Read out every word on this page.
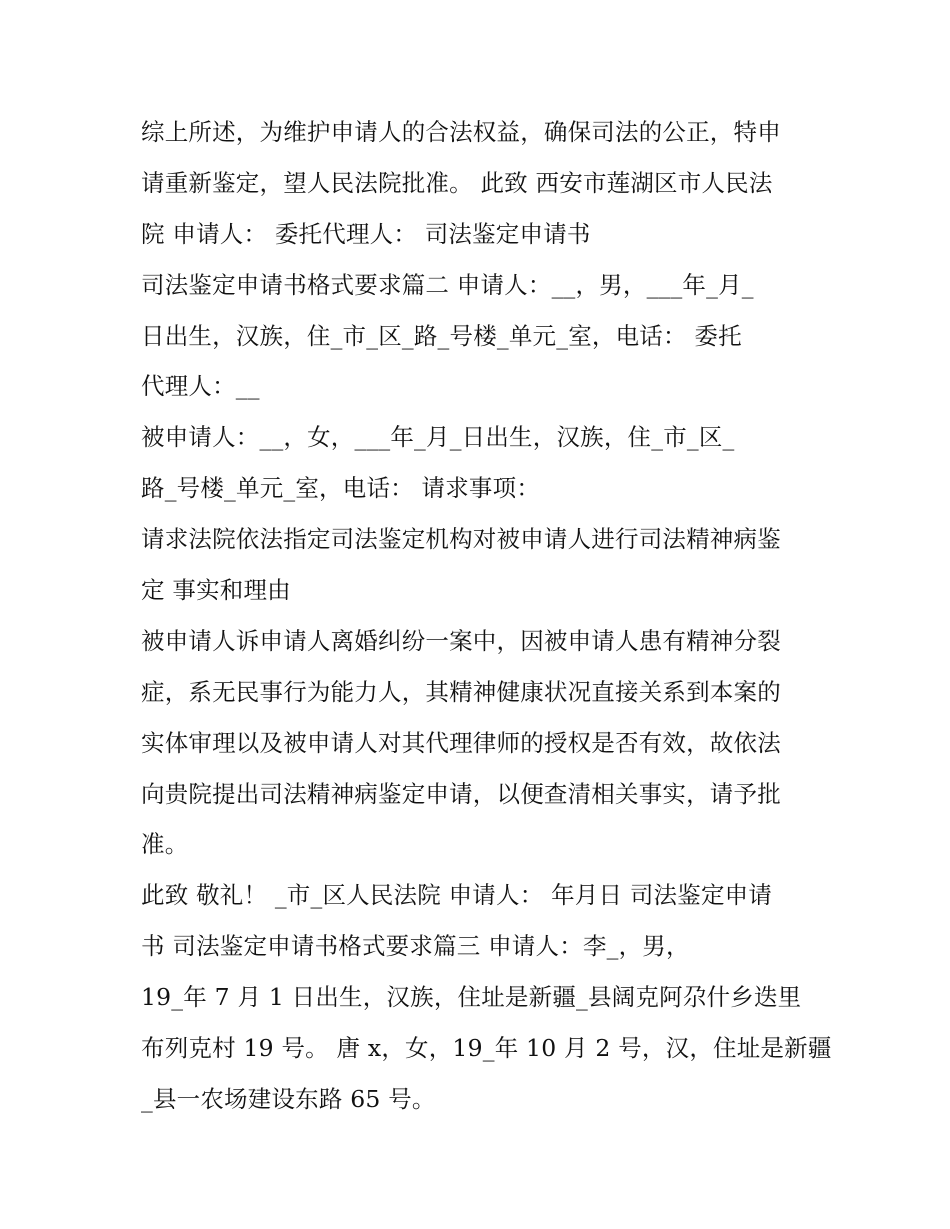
综上所述，为维护申请人的合法权益，确保司法的公正，特申
请重新鉴定，望人民法院批准。 此致 西安市莲湖区市人民法
院 申请人： 委托代理人： 司法鉴定申请书
司法鉴定申请书格式要求篇二 申请人：__，男，___年_月_
日出生，汉族，住_市_区_路_号楼_单元_室，电话： 委托
代理人：__
被申请人：__，女，___年_月_日出生，汉族，住_市_区_
路_号楼_单元_室，电话： 请求事项：
请求法院依法指定司法鉴定机构对被申请人进行司法精神病鉴
定 事实和理由
被申请人诉申请人离婚纠纷一案中，因被申请人患有精神分裂
症，系无民事行为能力人，其精神健康状况直接关系到本案的
实体审理以及被申请人对其代理律师的授权是否有效，故依法
向贵院提出司法精神病鉴定申请，以便查清相关事实，请予批
准。
此致 敬礼！ _市_区人民法院 申请人： 年月日 司法鉴定申请
书 司法鉴定申请书格式要求篇三 申请人：李_，男，
19_年 7 月 1 日出生，汉族，住址是新疆_县阔克阿尕什乡迭里
布列克村 19 号。 唐 x，女，19_年 10 月 2 号，汉，住址是新疆
_县一农场建设东路 65 号。
